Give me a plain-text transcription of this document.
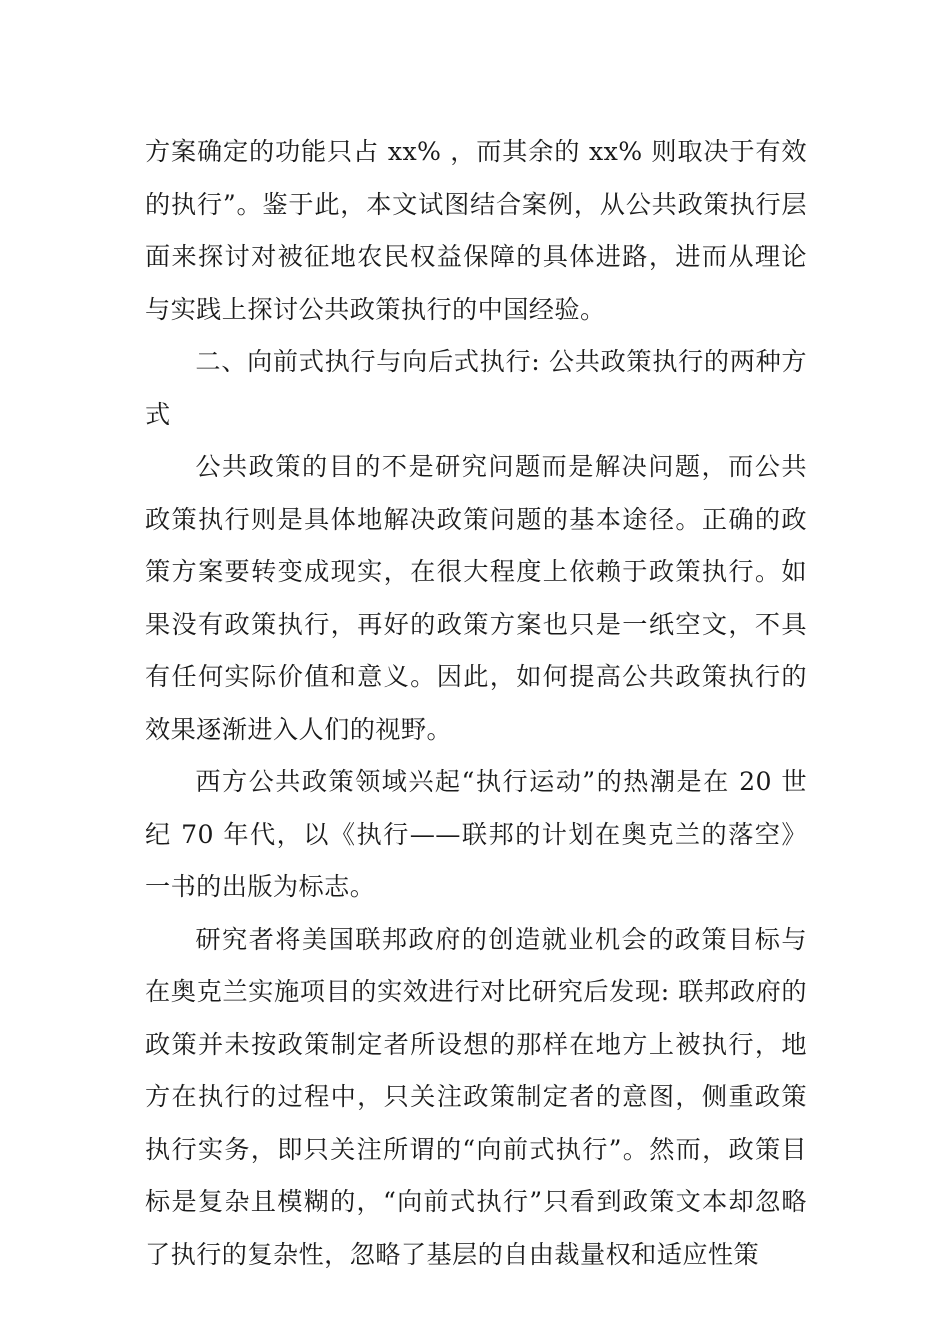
方案确定的功能只占 xx% ，而其余的 xx% 则取决于有效的执行”。鉴于此，本文试图结合案例，从公共政策执行层面来探讨对被征地农民权益保障的具体进路，进而从理论与实践上探讨公共政策执行的中国经验。

二、向前式执行与向后式执行: 公共政策执行的两种方式

公共政策的目的不是研究问题而是解决问题，而公共政策执行则是具体地解决政策问题的基本途径。正确的政策方案要转变成现实，在很大程度上依赖于政策执行。如果没有政策执行，再好的政策方案也只是一纸空文，不具有任何实际价值和意义。因此，如何提高公共政策执行的效果逐渐进入人们的视野。

西方公共政策领域兴起“执行运动”的热潮是在 20 世纪 70 年代，以《执行——联邦的计划在奥克兰的落空》一书的出版为标志。

研究者将美国联邦政府的创造就业机会的政策目标与在奥克兰实施项目的实效进行对比研究后发现: 联邦政府的政策并未按政策制定者所设想的那样在地方上被执行，地方在执行的过程中，只关注政策制定者的意图，侧重政策执行实务，即只关注所谓的“向前式执行”。然而，政策目标是复杂且模糊的，“向前式执行”只看到政策文本却忽略了执行的复杂性，忽略了基层的自由裁量权和适应性策
